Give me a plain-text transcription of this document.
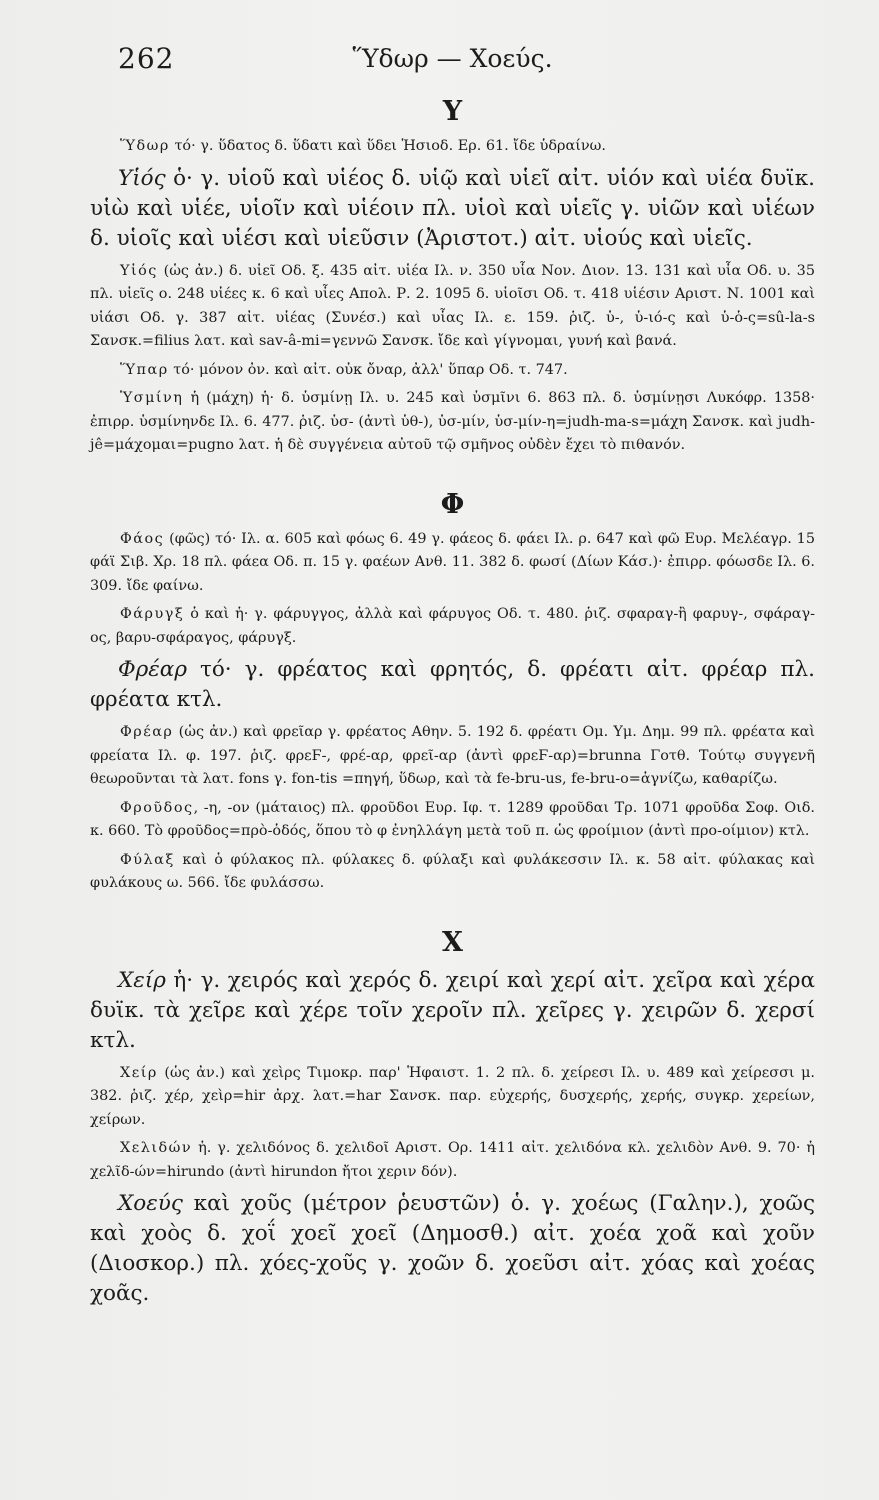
262	Ὕδωρ — Χοεύς.
Υ

Ὕδωρ τό· γ. ὕδατος δ. ὕδατι καὶ ὕδει Ἡσιοδ. Ερ. 61. ἴδε ὑδραίνω.

Υἱός ὁ· γ. υἱοῦ καὶ υἱέος δ. υἱῷ καὶ υἱεῖ αἰτ. υἱόν καὶ υἱέα δυϊκ. υἱὼ καὶ υἱέε, υἱοῖν καὶ υἱέοιν πλ. υἱοὶ καὶ υἱεῖς γ. υἱῶν καὶ υἱέων δ. υἱοῖς καὶ υἱέσι καὶ υἱεῦσιν (Ἀριστοτ.) αἰτ. υἱούς καὶ υἱεῖς.

Υἱός (ὡς ἀν.) δ. υἱεῖ Οδ. ξ. 435 αἰτ. υἱέα Ιλ. ν. 350 υἷα Νον. Διον. 13. 131 καὶ υἷα Οδ. υ. 35 πλ. υἱεῖς ο. 248 υἱέες κ. 6 καὶ υἷες Απολ. Ρ. 2. 1095 δ. υἱοῖσι Οδ. τ. 418 υἱέσιν Αριστ. Ν. 1001 καὶ υἱάσι Οδ. γ. 387 αἰτ. υἱέας (Συνέσ.) καὶ υἷας Ιλ. ε. 159. ῥιζ. ὑ-, ὑ-ιό-ς καὶ ὑ-ὁ-ς=sû-la-s Σανσκ.=filius λατ. καὶ sav-â-mi=γεννῶ Σανσκ. ἴδε καὶ γίγνομαι, γυνή καὶ βανά.

Ὕπαρ τό· μόνον ὀν. καὶ αἰτ. οὐκ ὄναρ, ἀλλ' ὕπαρ Οδ. τ. 747.

Ὑσμίνη ἡ (μάχη) ἡ· δ. ὑσμίνῃ Ιλ. υ. 245 καὶ ὑσμῖνι 6. 863 πλ. δ. ὑσμίνῃσι Λυκόφρ. 1358· ἐπιρρ. ὑσμίνηνδε Ιλ. 6. 477. ῥιζ. ὑσ- (ἀντὶ ὑθ-), ὑσ-μίν, ὑσ-μίν-η=judh-ma-s=μάχη Σανσκ. καὶ judh-jê=μάχομαι=pugno λατ. ἡ δὲ συγγένεια αὐτοῦ τῷ σμῆνος οὐδὲν ἔχει τὸ πιθανόν.

Φ

Φάος (φῶς) τό· Ιλ. α. 605 καὶ φόως 6. 49 γ. φάεος δ. φάει Ιλ. ρ. 647 καὶ φῶ Ευρ. Μελέαγρ. 15 φάϊ Σιβ. Χρ. 18 πλ. φάεα Οδ. π. 15 γ. φαέων Ανθ. 11. 382 δ. φωσί (Δίων Κάσ.)· ἐπιρρ. φόωσδε Ιλ. 6. 309. ἴδε φαίνω.

Φάρυγξ ὁ καὶ ἡ· γ. φάρυγγος, ἀλλὰ καὶ φάρυγος Οδ. τ. 480. ῥιζ. σφαραγ-ἢ φαρυγ-, σφάραγ-ος, βαρυ-σφάραγος, φάρυγξ.

Φρέαρ τό· γ. φρέατος καὶ φρητός, δ. φρέατι αἰτ. φρέαρ πλ. φρέατα κτλ.

Φρέαρ (ὡς ἀν.) καὶ φρεῖαρ γ. φρέατος Αθην. 5. 192 δ. φρέατι Ομ. Υμ. Δημ. 99 πλ. φρέατα καὶ φρείατα Ιλ. φ. 197. ῥιζ. φρεϜ-, φρέ-αρ, φρεῖ-αρ (ἀντὶ φρεϜ-αρ)=brunna Γοτθ. Τούτῳ συγγενῆ θεωροῦνται τὰ λατ. fons γ. fon-tis =πηγή, ὕδωρ, καὶ τὰ fe-bru-us, fe-bru-o=ἁγνίζω, καθαρίζω.

Φροῦδος, -η, -ον (μάταιος) πλ. φροῦδοι Ευρ. Ιφ. τ. 1289 φροῦδαι Τρ. 1071 φροῦδα Σοφ. Οιδ. κ. 660. Τὸ φροῦδος=πρὸ-ὁδός, ὅπου τὸ φ ἐνηλλάγη μετὰ τοῦ π. ὡς φροίμιον (ἀντὶ προ-οίμιον) κτλ.

Φύλαξ καὶ ὁ φύλακος πλ. φύλακες δ. φύλαξι καὶ φυλάκεσσιν Ιλ. κ. 58 αἰτ. φύλακας καὶ φυλάκους ω. 566. ἴδε φυλάσσω.

Χ

Χείρ ἡ· γ. χειρός καὶ χερός δ. χειρί καὶ χερί αἰτ. χεῖρα καὶ χέρα δυϊκ. τὰ χεῖρε καὶ χέρε τοῖν χεροῖν πλ. χεῖρες γ. χειρῶν δ. χερσί κτλ.

Χείρ (ὡς ἀν.) καὶ χεὶρς Τιμοκρ. παρ' Ἡφαιστ. 1. 2 πλ. δ. χείρεσι Ιλ. υ. 489 καὶ χείρεσσι μ. 382. ῥιζ. χέρ, χεὶρ=hir ἀρχ. λατ.=har Σανσκ. παρ. εὐχερής, δυσχερής, χερής, συγκρ. χερείων, χείρων.

Χελιδών ἡ. γ. χελιδόνος δ. χελιδοῖ Αριστ. Ορ. 1411 αἰτ. χελιδόνα κλ. χελιδὸν Ανθ. 9. 70· ἡ χελῖδ-ών=hirundo (ἀντὶ hirundon ἤτοι χεριν δόν).

Χοεύς καὶ χοῦς (μέτρον ῥευστῶν) ὁ. γ. χοέως (Γαλην.), χοῶς καὶ χοὸς δ. χοΐ χοεῖ χοεῖ (Δημοσθ.) αἰτ. χοέα χοᾶ καὶ χοῦν (Διοσκορ.) πλ. χόες-χοῦς γ. χοῶν δ. χοεῦσι αἰτ. χόας καὶ χοέας χοᾶς.
